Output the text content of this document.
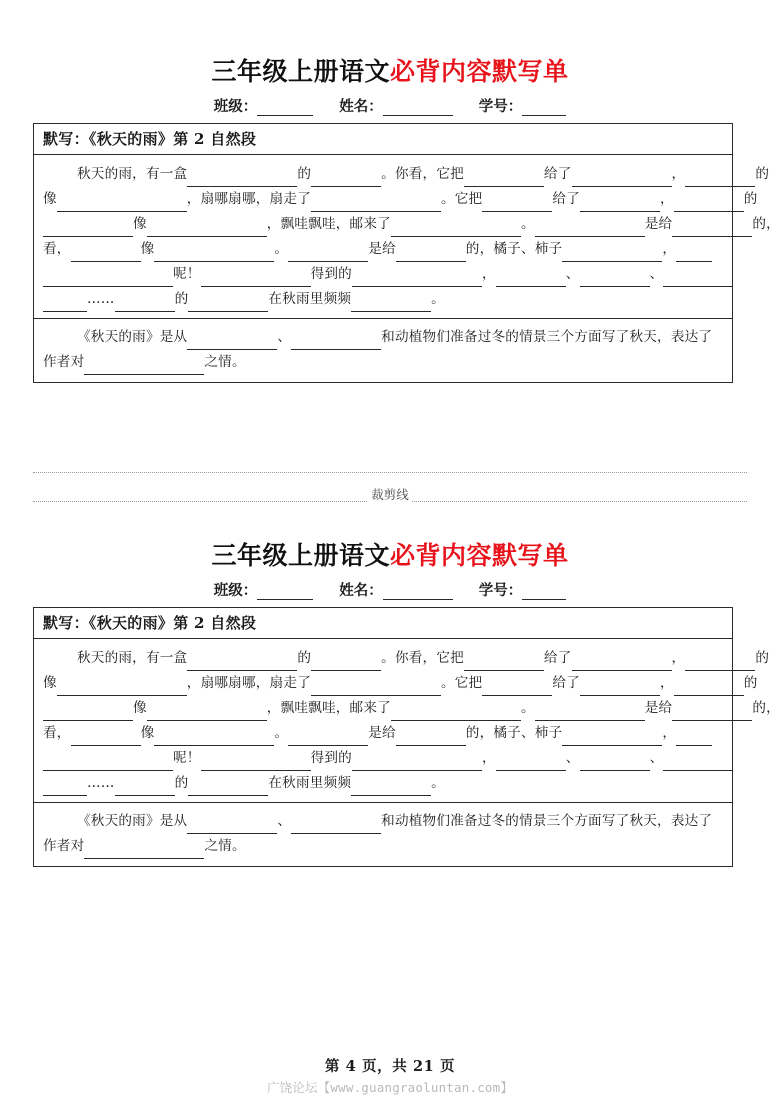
三年级上册语文必背内容默写单
班级：	姓名：	学号：
默写：《秋天的雨》第 2 自然段
秋天的雨，有一盒	的	。你看，它把	给了	，	的
像	，扇哪扇哪，扇走了	。它把	给了	，	的
像	，飘哇飘哇，邮来了	。	是给	的，
看，	像	。	是给	的，橘子、柿子	，
呢！	得到的	，	、	、
……	的	在秋雨里频频	。
《秋天的雨》是从	、	和动植物们准备过冬的情景三个方面写了秋天，表达了作者对	之情。
裁剪线
三年级上册语文必背内容默写单
班级：	姓名：	学号：
默写：《秋天的雨》第 2 自然段
秋天的雨，有一盒	的	。你看，它把	给了	，	的
像	，扇哪扇哪，扇走了	。它把	给了	，	的
像	，飘哇飘哇，邮来了	。	是给	的，
看，	像	。	是给	的，橘子、柿子	，
呢！	得到的	，	、	、
……	的	在秋雨里频频	。
《秋天的雨》是从	、	和动植物们准备过冬的情景三个方面写了秋天，表达了作者对	之情。
第 4 页，共 21 页
广饶论坛【www.guangraoluntan.com】
